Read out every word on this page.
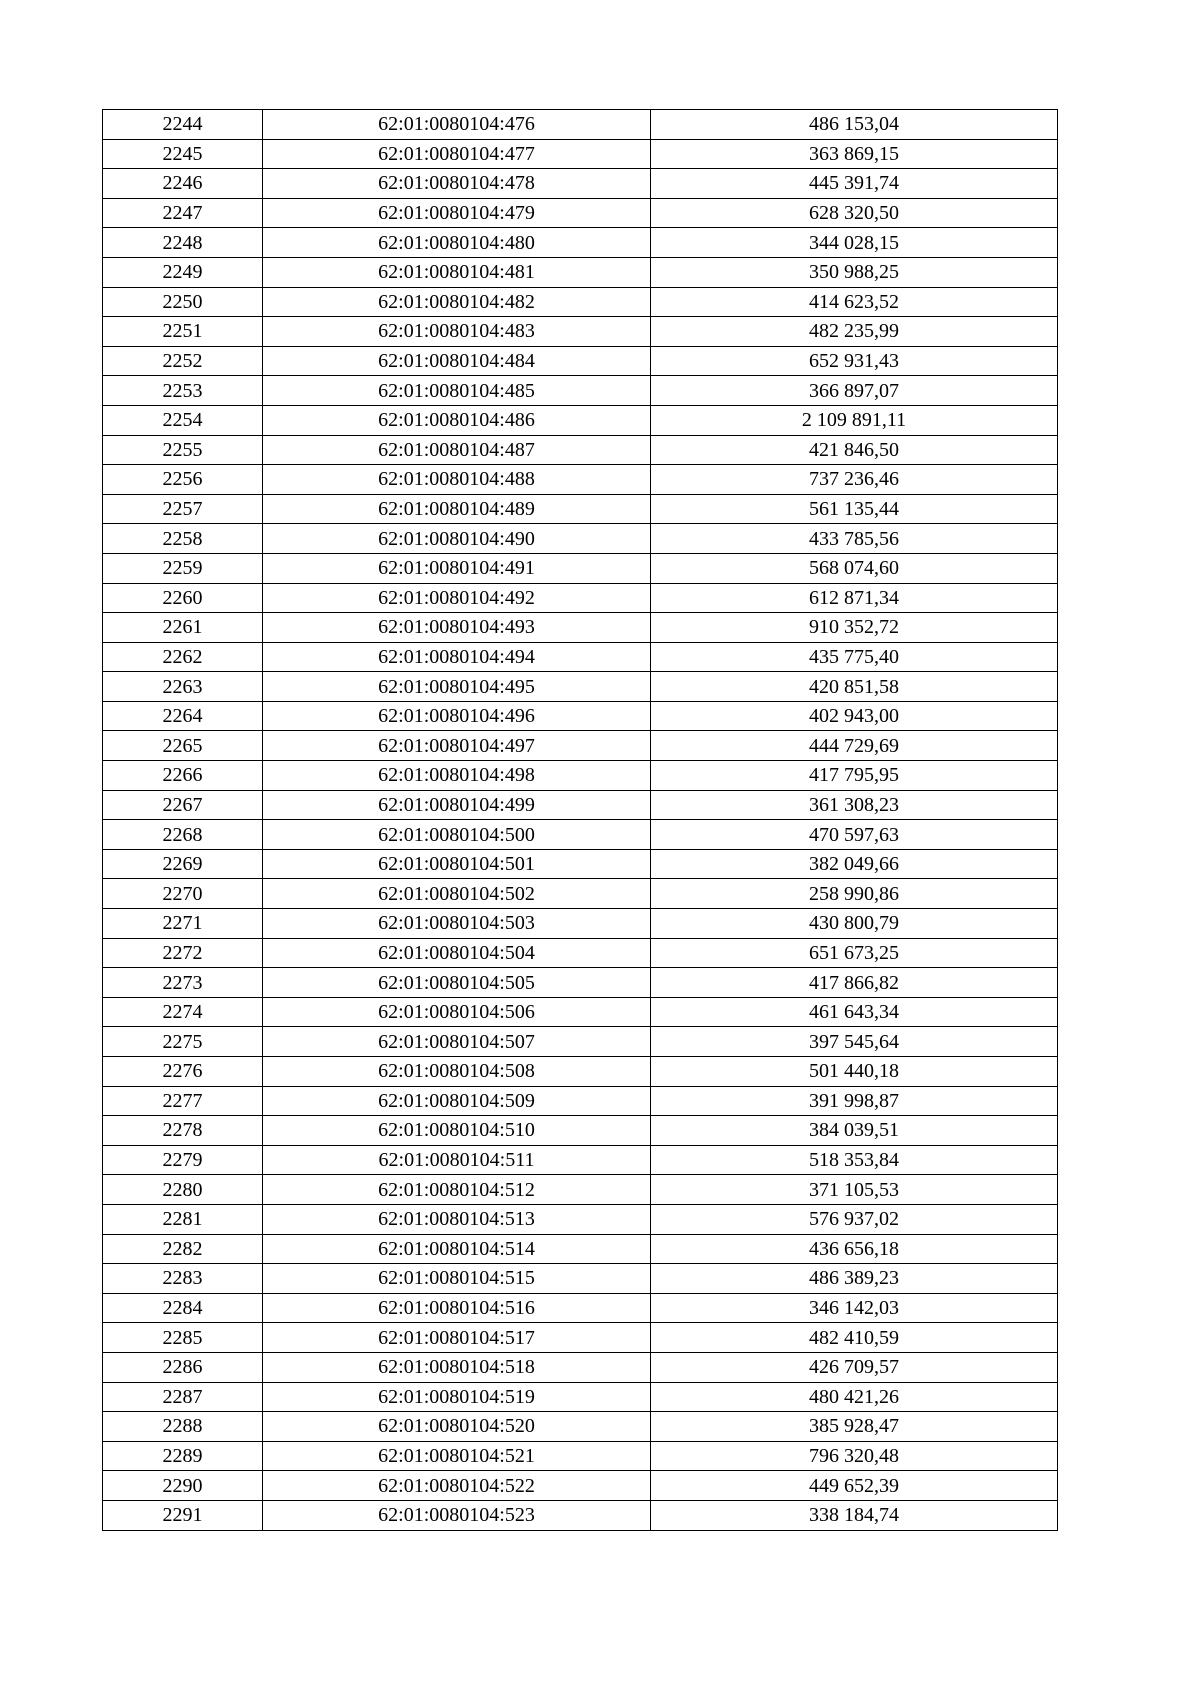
2244	62:01:0080104:476	486 153,04
2245	62:01:0080104:477	363 869,15
2246	62:01:0080104:478	445 391,74
2247	62:01:0080104:479	628 320,50
2248	62:01:0080104:480	344 028,15
2249	62:01:0080104:481	350 988,25
2250	62:01:0080104:482	414 623,52
2251	62:01:0080104:483	482 235,99
2252	62:01:0080104:484	652 931,43
2253	62:01:0080104:485	366 897,07
2254	62:01:0080104:486	2 109 891,11
2255	62:01:0080104:487	421 846,50
2256	62:01:0080104:488	737 236,46
2257	62:01:0080104:489	561 135,44
2258	62:01:0080104:490	433 785,56
2259	62:01:0080104:491	568 074,60
2260	62:01:0080104:492	612 871,34
2261	62:01:0080104:493	910 352,72
2262	62:01:0080104:494	435 775,40
2263	62:01:0080104:495	420 851,58
2264	62:01:0080104:496	402 943,00
2265	62:01:0080104:497	444 729,69
2266	62:01:0080104:498	417 795,95
2267	62:01:0080104:499	361 308,23
2268	62:01:0080104:500	470 597,63
2269	62:01:0080104:501	382 049,66
2270	62:01:0080104:502	258 990,86
2271	62:01:0080104:503	430 800,79
2272	62:01:0080104:504	651 673,25
2273	62:01:0080104:505	417 866,82
2274	62:01:0080104:506	461 643,34
2275	62:01:0080104:507	397 545,64
2276	62:01:0080104:508	501 440,18
2277	62:01:0080104:509	391 998,87
2278	62:01:0080104:510	384 039,51
2279	62:01:0080104:511	518 353,84
2280	62:01:0080104:512	371 105,53
2281	62:01:0080104:513	576 937,02
2282	62:01:0080104:514	436 656,18
2283	62:01:0080104:515	486 389,23
2284	62:01:0080104:516	346 142,03
2285	62:01:0080104:517	482 410,59
2286	62:01:0080104:518	426 709,57
2287	62:01:0080104:519	480 421,26
2288	62:01:0080104:520	385 928,47
2289	62:01:0080104:521	796 320,48
2290	62:01:0080104:522	449 652,39
2291	62:01:0080104:523	338 184,74
